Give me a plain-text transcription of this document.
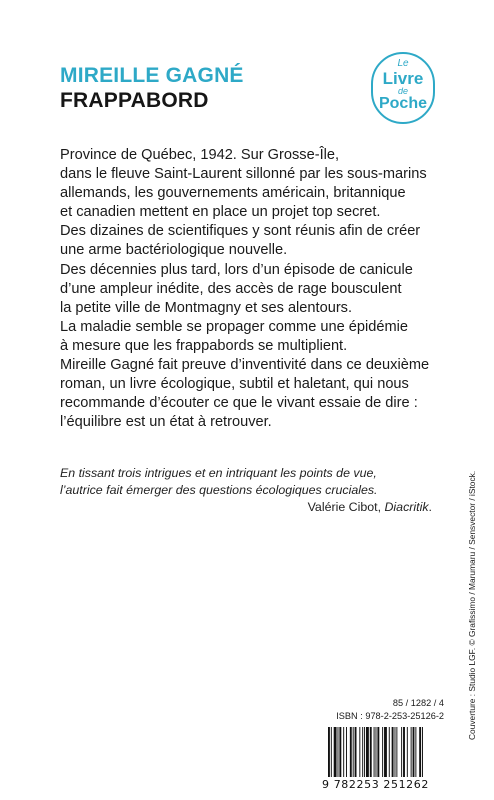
MIREILLE GAGNÉ
FRAPPABORD
Le
Livre
de
Poche

Province de Québec, 1942. Sur Grosse-Île,

dans le fleuve Saint-Laurent sillonné par les sous-marins

allemands, les gouvernements américain, britannique

et canadien mettent en place un projet top secret.

Des dizaines de scientifiques y sont réunis afin de créer

une arme bactériologique nouvelle.

Des décennies plus tard, lors d’un épisode de canicule

d’une ampleur inédite, des accès de rage bousculent

la petite ville de Montmagny et ses alentours.

La maladie semble se propager comme une épidémie

à mesure que les frappabords se multiplient.

Mireille Gagné fait preuve d’inventivité dans ce deuxième

roman, un livre écologique, subtil et haletant, qui nous

recommande d’écouter ce que le vivant essaie de dire :

l’équilibre est un état à retrouver.

En tissant trois intrigues et en intriquant les points de vue,

l’autrice fait émerger des questions écologiques cruciales.

Valérie Cibot, Diacritik.	Couverture : Studio LGF. © Grafissimo / Marumaru / Sensvector / iStock.
85 / 1282 / 4
ISBN : 978-2-253-25126-2
9 782253 251262
